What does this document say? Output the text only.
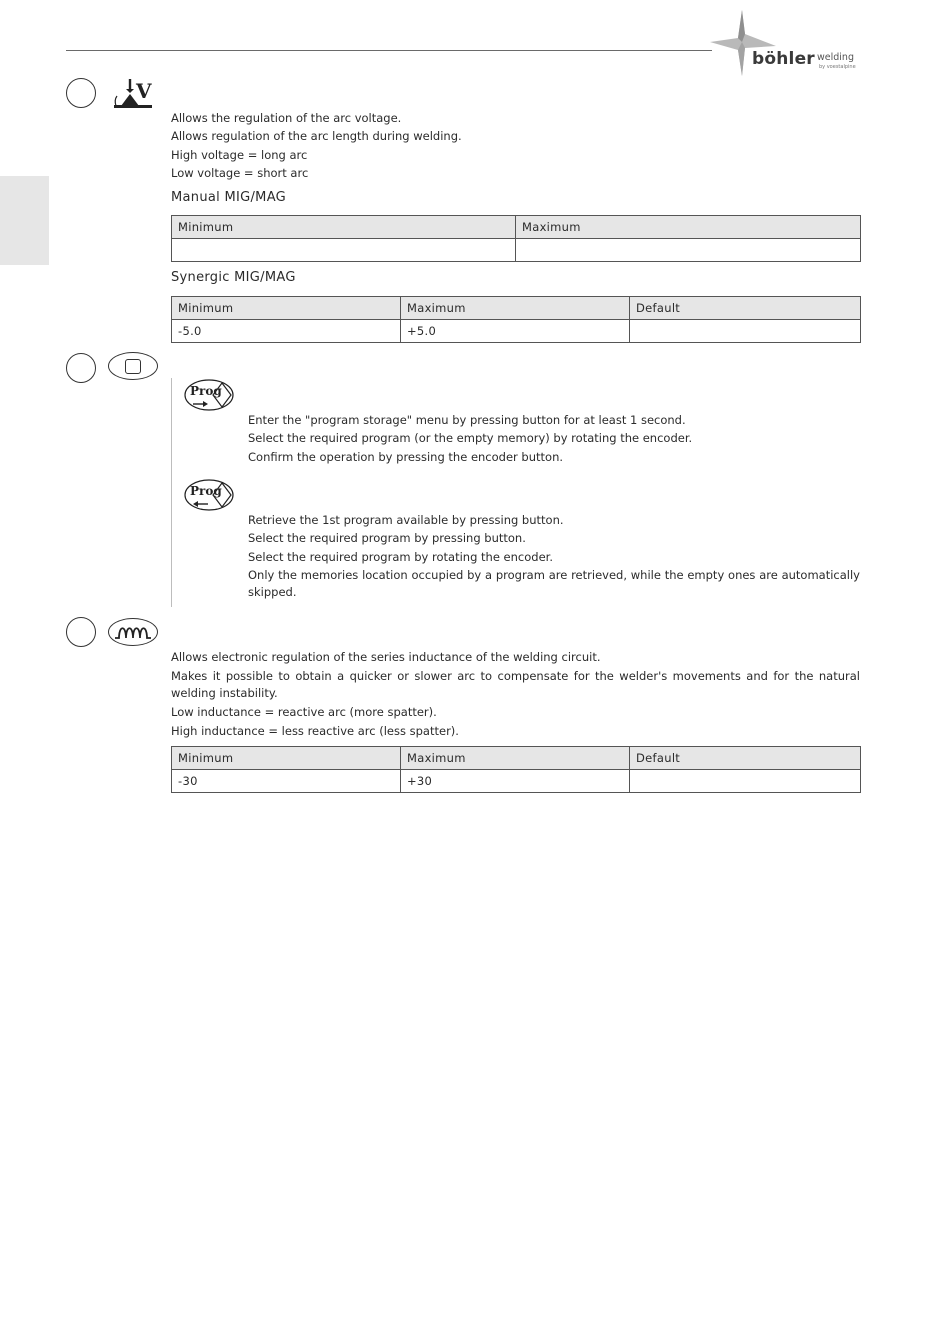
böhler welding
by voestalpine
V

Allows the regulation of the arc voltage.

Allows regulation of the arc length during welding.

High voltage = long arc

Low voltage = short arc

Manual MIG/MAG
Minimum	Maximum

Synergic MIG/MAG
Minimum	Maximum	Default
-5.0	+5.0	
Prog

Enter the "program storage" menu by pressing button for at least 1 second.

Select the required program (or the empty memory) by rotating the encoder.

Confirm the operation by pressing the encoder button.

Prog

Retrieve the 1st program available by pressing button.

Select the required program by pressing button.

Select the required program by rotating the encoder.

Only the memories location occupied by a program are retrieved, while the empty ones are automatically skipped.

Allows electronic regulation of the series inductance of the welding circuit.

Makes it possible to obtain a quicker or slower arc to compensate for the welder's movements and for the natural welding instability.

Low inductance = reactive arc (more spatter).

High inductance = less reactive arc (less spatter).

Minimum	Maximum	Default
-30	+30	
